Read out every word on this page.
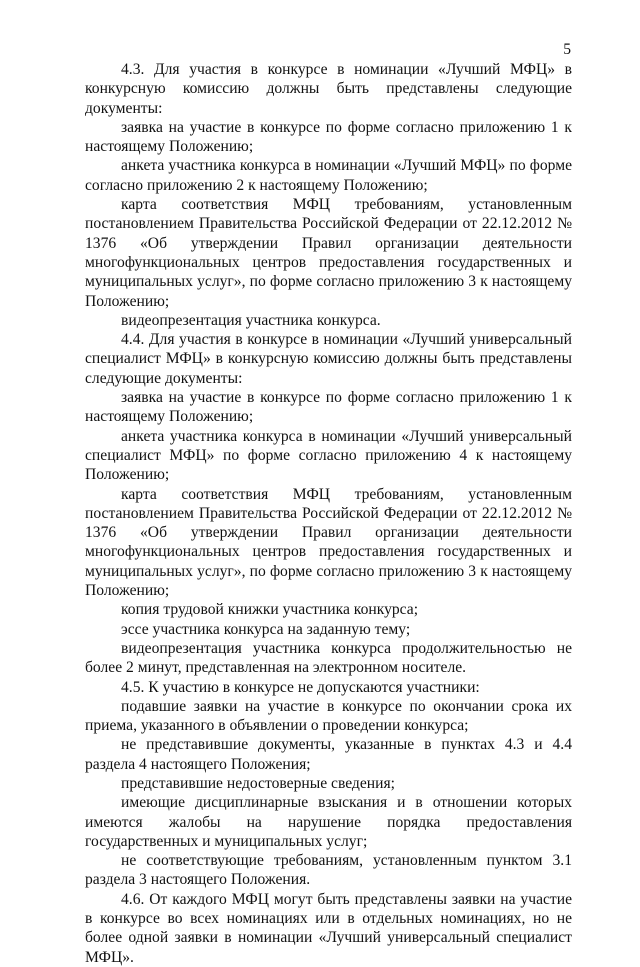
5

4.3. Для участия в конкурсе в номинации «Лучший МФЦ» в конкурсную комиссию должны быть представлены следующие документы:

заявка на участие в конкурсе по форме согласно приложению 1 к настоящему Положению;

анкета участника конкурса в номинации «Лучший МФЦ» по форме согласно приложению 2 к настоящему Положению;

карта соответствия МФЦ требованиям, установленным постановлением Правительства Российской Федерации от 22.12.2012 № 1376 «Об утверждении Правил организации деятельности многофункциональных центров предоставления государственных и муниципальных услуг», по форме согласно приложению 3 к настоящему Положению;

видеопрезентация участника конкурса.

4.4. Для участия в конкурсе в номинации «Лучший универсальный специалист МФЦ» в конкурсную комиссию должны быть представлены следующие документы:

заявка на участие в конкурсе по форме согласно приложению 1 к настоящему Положению;

анкета участника конкурса в номинации «Лучший универсальный специалист МФЦ» по форме согласно приложению 4 к настоящему Положению;

карта соответствия МФЦ требованиям, установленным постановлением Правительства Российской Федерации от 22.12.2012 № 1376 «Об утверждении Правил организации деятельности многофункциональных центров предоставления государственных и муниципальных услуг», по форме согласно приложению 3 к настоящему Положению;

копия трудовой книжки участника конкурса;

эссе участника конкурса на заданную тему;

видеопрезентация участника конкурса продолжительностью не более 2 минут, представленная на электронном носителе.

4.5. К участию в конкурсе не допускаются участники:

подавшие заявки на участие в конкурсе по окончании срока их приема, указанного в объявлении о проведении конкурса;

не представившие документы, указанные в пунктах 4.3 и 4.4 раздела 4 настоящего Положения;

представившие недостоверные сведения;

имеющие дисциплинарные взыскания и в отношении которых имеются жалобы на нарушение порядка предоставления государственных и муниципальных услуг;

не соответствующие требованиям, установленным пунктом 3.1 раздела 3 настоящего Положения.

4.6. От каждого МФЦ могут быть представлены заявки на участие в конкурсе во всех номинациях или в отдельных номинациях, но не более одной заявки в номинации «Лучший универсальный специалист МФЦ».
